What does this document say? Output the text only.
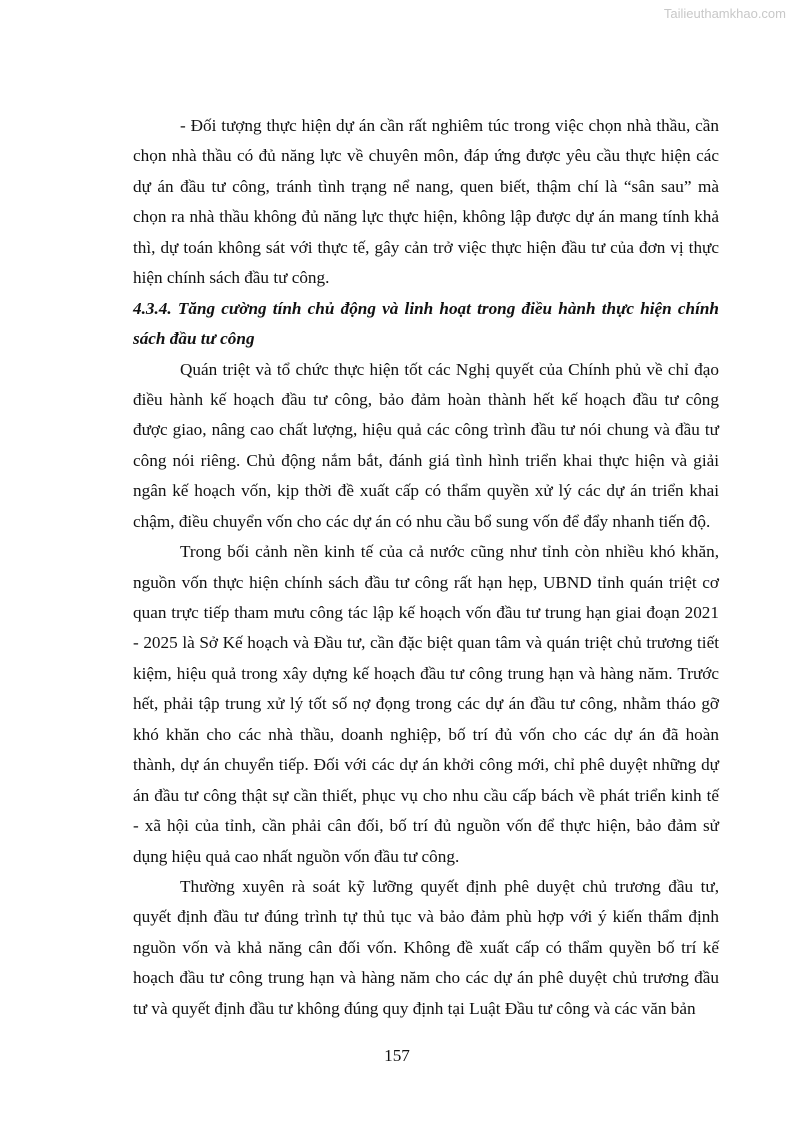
Tailieuthamkhao.com
- Đối tượng thực hiện dự án cần rất nghiêm túc trong việc chọn nhà thầu, cần
chọn nhà thầu có đủ năng lực về chuyên môn, đáp ứng được yêu cầu thực hiện các
dự án đầu tư công, tránh tình trạng nể nang, quen biết, thậm chí là “sân sau” mà
chọn ra nhà thầu không đủ năng lực thực hiện, không lập được dự án mang tính khả
thì, dự toán không sát với thực tế, gây cản trở việc thực hiện đầu tư của đơn vị thực
hiện chính sách đầu tư công.
4.3.4. Tăng cường tính chủ động và linh hoạt trong điều hành thực hiện chính
sách đầu tư công
Quán triệt và tổ chức thực hiện tốt các Nghị quyết của Chính phủ về chỉ đạo
điều hành kế hoạch đầu tư công, bảo đảm hoàn thành hết kế hoạch đầu tư công
được giao, nâng cao chất lượng, hiệu quả các công trình đầu tư nói chung và đầu tư
công nói riêng. Chủ động nắm bắt, đánh giá tình hình triển khai thực hiện và giải
ngân kế hoạch vốn, kịp thời đề xuất cấp có thẩm quyền xử lý các dự án triển khai
chậm, điều chuyển vốn cho các dự án có nhu cầu bổ sung vốn để đẩy nhanh tiến độ.
Trong bối cảnh nền kinh tế của cả nước cũng như tỉnh còn nhiều khó khăn,
nguồn vốn thực hiện chính sách đầu tư công rất hạn hẹp, UBND tỉnh quán triệt cơ
quan trực tiếp tham mưu công tác lập kế hoạch vốn đầu tư trung hạn giai đoạn 2021
- 2025 là Sở Kế hoạch và Đầu tư, cần đặc biệt quan tâm và quán triệt chủ trương tiết
kiệm, hiệu quả trong xây dựng kế hoạch đầu tư công trung hạn và hàng năm. Trước
hết, phải tập trung xử lý tốt số nợ đọng trong các dự án đầu tư công, nhằm tháo gỡ
khó khăn cho các nhà thầu, doanh nghiệp, bố trí đủ vốn cho các dự án đã hoàn
thành, dự án chuyển tiếp. Đối với các dự án khởi công mới, chỉ phê duyệt những dự
án đầu tư công thật sự cần thiết, phục vụ cho nhu cầu cấp bách về phát triển kinh tế
- xã hội của tỉnh, cần phải cân đối, bố trí đủ nguồn vốn để thực hiện, bảo đảm sử
dụng hiệu quả cao nhất nguồn vốn đầu tư công.
Thường xuyên rà soát kỹ lưỡng quyết định phê duyệt chủ trương đầu tư,
quyết định đầu tư đúng trình tự thủ tục và bảo đảm phù hợp với ý kiến thẩm định
nguồn vốn và khả năng cân đối vốn. Không đề xuất cấp có thẩm quyền bố trí kế
hoạch đầu tư công trung hạn và hàng năm cho các dự án phê duyệt chủ trương đầu
tư và quyết định đầu tư không đúng quy định tại Luật Đầu tư công và các văn bản
157
